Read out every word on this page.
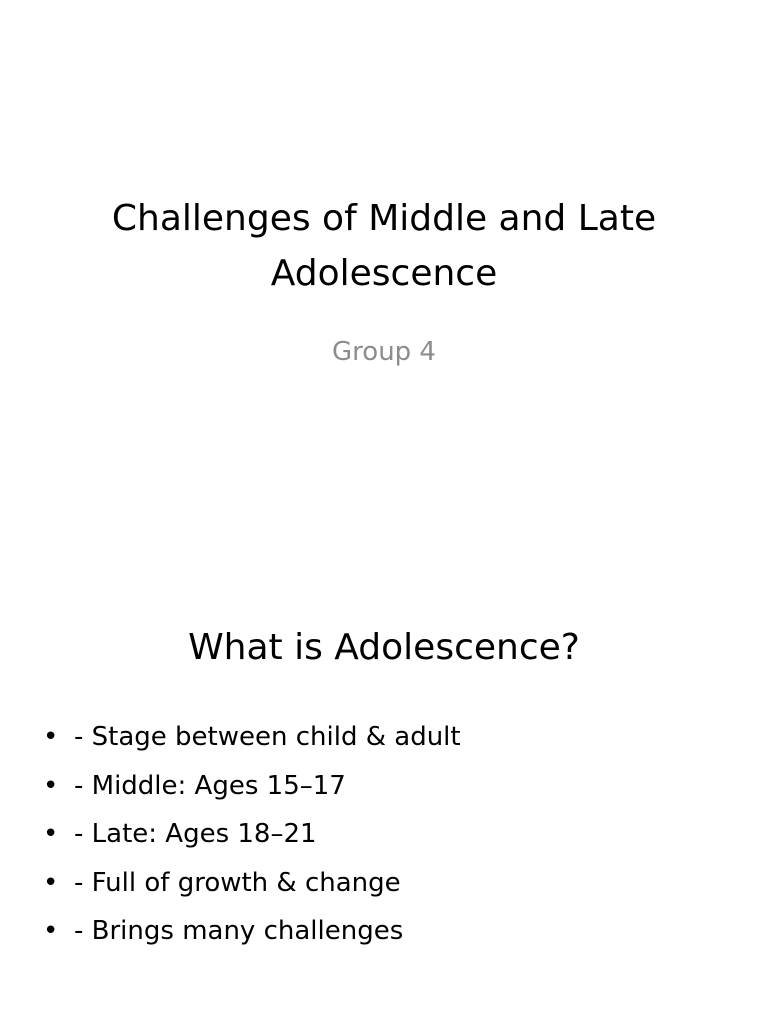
Challenges of Middle and Late Adolescence

Group 4

What is Adolescence?
• - Stage between child & adult
• - Middle: Ages 15–17
• - Late: Ages 18–21
• - Full of growth & change
• - Brings many challenges
